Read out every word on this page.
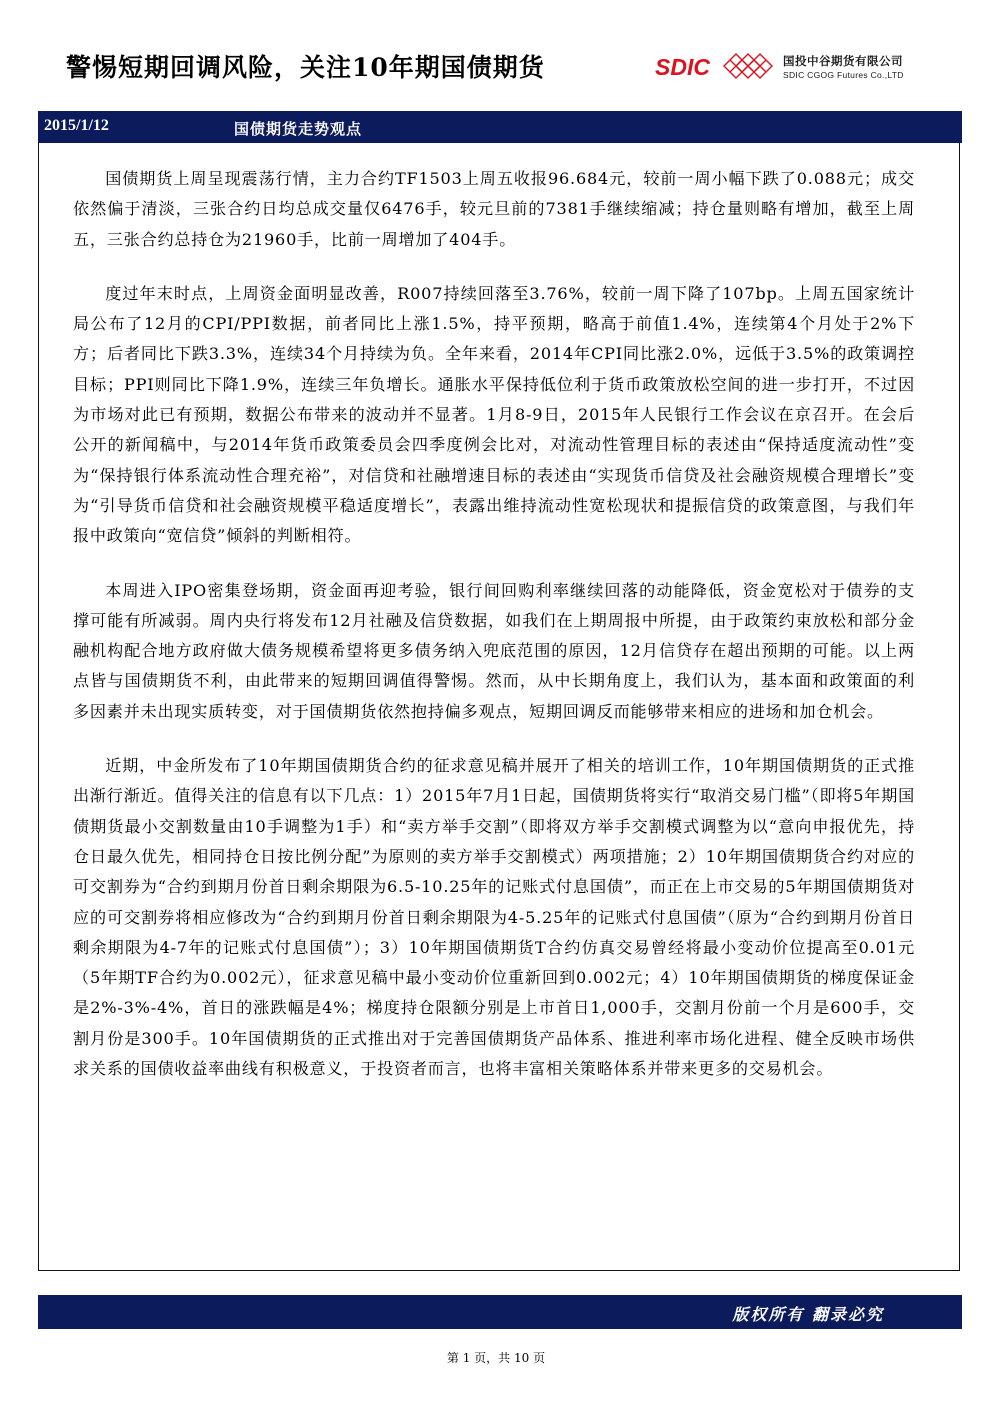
警惕短期回调风险，关注10年期国债期货	SDIC	国投中谷期货有限公司
SDIC CGOG Futures Co.,LTD
2015/1/12	国债期货走势观点

国债期货上周呈现震荡行情，主力合约TF1503上周五收报96.684元，较前一周小幅下跌了0.088元；成交依然偏于清淡，三张合约日均总成交量仅6476手，较元旦前的7381手继续缩减；持仓量则略有增加，截至上周五，三张合约总持仓为21960手，比前一周增加了404手。

度过年末时点，上周资金面明显改善，R007持续回落至3.76%，较前一周下降了107bp。上周五国家统计局公布了12月的CPI/PPI数据，前者同比上涨1.5%，持平预期，略高于前值1.4%，连续第4个月处于2%下方；后者同比下跌3.3%，连续34个月持续为负。全年来看，2014年CPI同比涨2.0%，远低于3.5%的政策调控目标；PPI则同比下降1.9%，连续三年负增长。通胀水平保持低位利于货币政策放松空间的进一步打开，不过因为市场对此已有预期，数据公布带来的波动并不显著。1月8-9日，2015年人民银行工作会议在京召开。在会后公开的新闻稿中，与2014年货币政策委员会四季度例会比对，对流动性管理目标的表述由“保持适度流动性”变为“保持银行体系流动性合理充裕”，对信贷和社融增速目标的表述由“实现货币信贷及社会融资规模合理增长”变为“引导货币信贷和社会融资规模平稳适度增长”，表露出维持流动性宽松现状和提振信贷的政策意图，与我们年报中政策向“宽信贷”倾斜的判断相符。

本周进入IPO密集登场期，资金面再迎考验，银行间回购利率继续回落的动能降低，资金宽松对于债券的支撑可能有所减弱。周内央行将发布12月社融及信贷数据，如我们在上期周报中所提，由于政策约束放松和部分金融机构配合地方政府做大债务规模希望将更多债务纳入兜底范围的原因，12月信贷存在超出预期的可能。以上两点皆与国债期货不利，由此带来的短期回调值得警惕。然而，从中长期角度上，我们认为，基本面和政策面的利多因素并未出现实质转变，对于国债期货依然抱持偏多观点，短期回调反而能够带来相应的进场和加仓机会。

近期，中金所发布了10年期国债期货合约的征求意见稿并展开了相关的培训工作，10年期国债期货的正式推出渐行渐近。值得关注的信息有以下几点：1）2015年7月1日起，国债期货将实行“取消交易门槛”（即将5年期国债期货最小交割数量由10手调整为1手）和“卖方举手交割”（即将双方举手交割模式调整为以“意向申报优先，持仓日最久优先，相同持仓日按比例分配”为原则的卖方举手交割模式）两项措施；2）10年期国债期货合约对应的可交割券为“合约到期月份首日剩余期限为6.5-10.25年的记账式付息国债”，而正在上市交易的5年期国债期货对应的可交割券将相应修改为“合约到期月份首日剩余期限为4-5.25年的记账式付息国债”（原为“合约到期月份首日剩余期限为4-7年的记账式付息国债”）；3）10年期国债期货T合约仿真交易曾经将最小变动价位提高至0.01元（5年期TF合约为0.002元），征求意见稿中最小变动价位重新回到0.002元；4）10年期国债期货的梯度保证金是2%-3%-4%，首日的涨跌幅是4%；梯度持仓限额分别是上市首日1,000手，交割月份前一个月是600手，交割月份是300手。10年国债期货的正式推出对于完善国债期货产品体系、推进利率市场化进程、健全反映市场供求关系的国债收益率曲线有积极意义，于投资者而言，也将丰富相关策略体系并带来更多的交易机会。

版权所有 翻录必究
第 1 页，共 10 页
